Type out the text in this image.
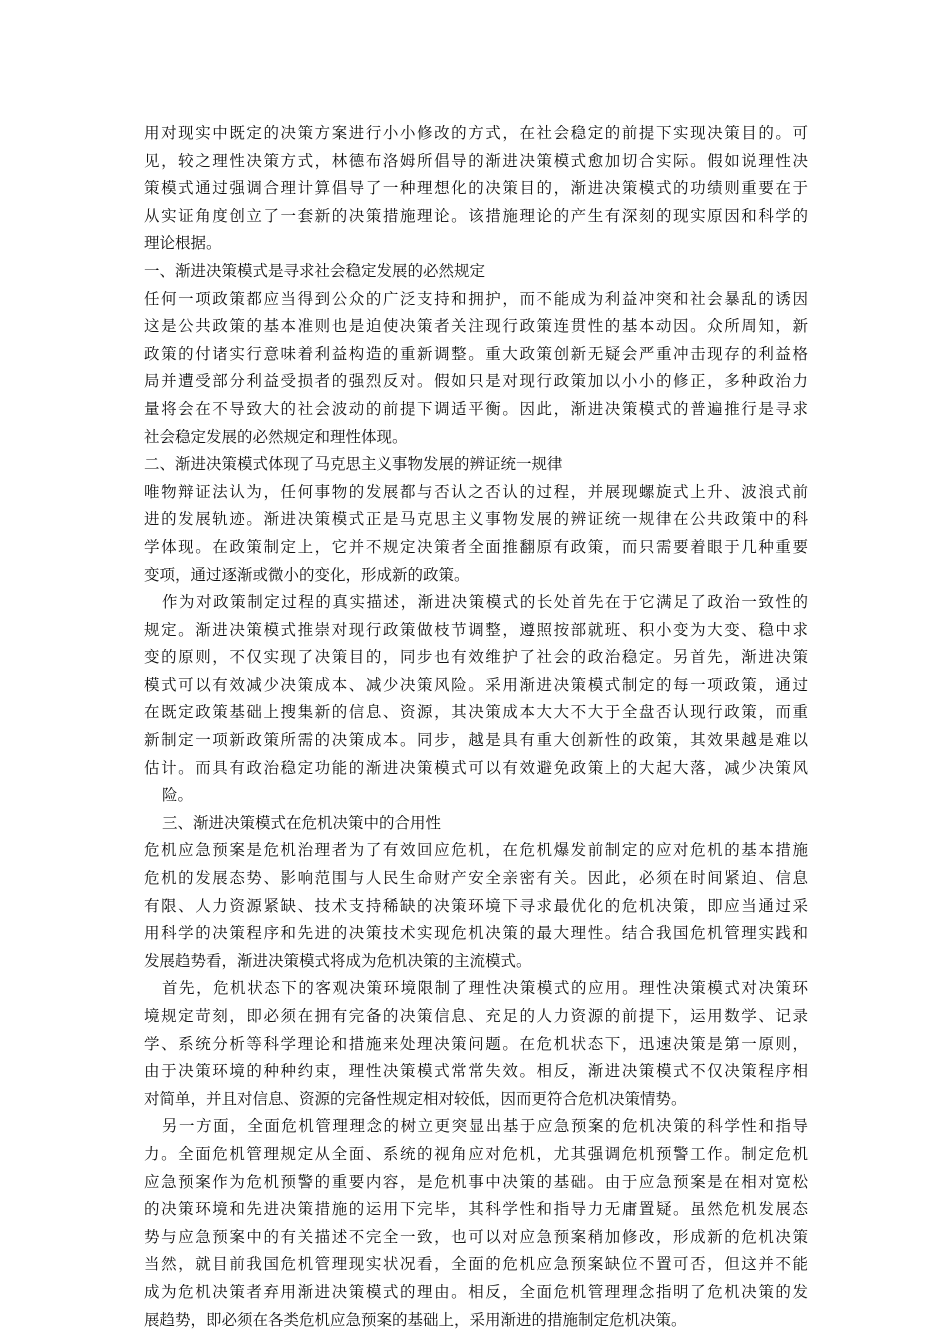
用对现实中既定的决策方案进行小小修改的方式，在社会稳定的前提下实现决策目的。可
见，较之理性决策方式，林德布洛姆所倡导的渐进决策模式愈加切合实际。假如说理性决
策模式通过强调合理计算倡导了一种理想化的决策目的，渐进决策模式的功绩则重要在于
从实证角度创立了一套新的决策措施理论。该措施理论的产生有深刻的现实原因和科学的
理论根据。
一、渐进决策模式是寻求社会稳定发展的必然规定
任何一项政策都应当得到公众的广泛支持和拥护，而不能成为利益冲突和社会暴乱的诱因
这是公共政策的基本准则也是迫使决策者关注现行政策连贯性的基本动因。众所周知，新
政策的付诸实行意味着利益构造的重新调整。重大政策创新无疑会严重冲击现存的利益格
局并遭受部分利益受损者的强烈反对。假如只是对现行政策加以小小的修正，多种政治力
量将会在不导致大的社会波动的前提下调适平衡。因此，渐进决策模式的普遍推行是寻求
社会稳定发展的必然规定和理性体现。
二、渐进决策模式体现了马克思主义事物发展的辨证统一规律
唯物辩证法认为，任何事物的发展都与否认之否认的过程，并展现螺旋式上升、波浪式前
进的发展轨迹。渐进决策模式正是马克思主义事物发展的辨证统一规律在公共政策中的科
学体现。在政策制定上，它并不规定决策者全面推翻原有政策，而只需要着眼于几种重要
变项，通过逐渐或微小的变化，形成新的政策。
作为对政策制定过程的真实描述，渐进决策模式的长处首先在于它满足了政治一致性的
规定。渐进决策模式推崇对现行政策做枝节调整，遵照按部就班、积小变为大变、稳中求
变的原则，不仅实现了决策目的，同步也有效维护了社会的政治稳定。另首先，渐进决策
模式可以有效减少决策成本、减少决策风险。采用渐进决策模式制定的每一项政策，通过
在既定政策基础上搜集新的信息、资源，其决策成本大大不大于全盘否认现行政策，而重
新制定一项新政策所需的决策成本。同步，越是具有重大创新性的政策，其效果越是难以
估计。而具有政治稳定功能的渐进决策模式可以有效避免政策上的大起大落，减少决策风
险。
三、渐进决策模式在危机决策中的合用性
危机应急预案是危机治理者为了有效回应危机，在危机爆发前制定的应对危机的基本措施
危机的发展态势、影响范围与人民生命财产安全亲密有关。因此，必须在时间紧迫、信息
有限、人力资源紧缺、技术支持稀缺的决策环境下寻求最优化的危机决策，即应当通过采
用科学的决策程序和先进的决策技术实现危机决策的最大理性。结合我国危机管理实践和
发展趋势看，渐进决策模式将成为危机决策的主流模式。
首先，危机状态下的客观决策环境限制了理性决策模式的应用。理性决策模式对决策环
境规定苛刻，即必须在拥有完备的决策信息、充足的人力资源的前提下，运用数学、记录
学、系统分析等科学理论和措施来处理决策问题。在危机状态下，迅速决策是第一原则，
由于决策环境的种种约束，理性决策模式常常失效。相反，渐进决策模式不仅决策程序相
对简单，并且对信息、资源的完备性规定相对较低，因而更符合危机决策情势。
另一方面，全面危机管理理念的树立更突显出基于应急预案的危机决策的科学性和指导
力。全面危机管理规定从全面、系统的视角应对危机，尤其强调危机预警工作。制定危机
应急预案作为危机预警的重要内容，是危机事中决策的基础。由于应急预案是在相对宽松
的决策环境和先进决策措施的运用下完毕，其科学性和指导力无庸置疑。虽然危机发展态
势与应急预案中的有关描述不完全一致，也可以对应急预案稍加修改，形成新的危机决策
当然，就目前我国危机管理现实状况看，全面的危机应急预案缺位不置可否，但这并不能
成为危机决策者弃用渐进决策模式的理由。相反，全面危机管理理念指明了危机决策的发
展趋势，即必须在各类危机应急预案的基础上，采用渐进的措施制定危机决策。
